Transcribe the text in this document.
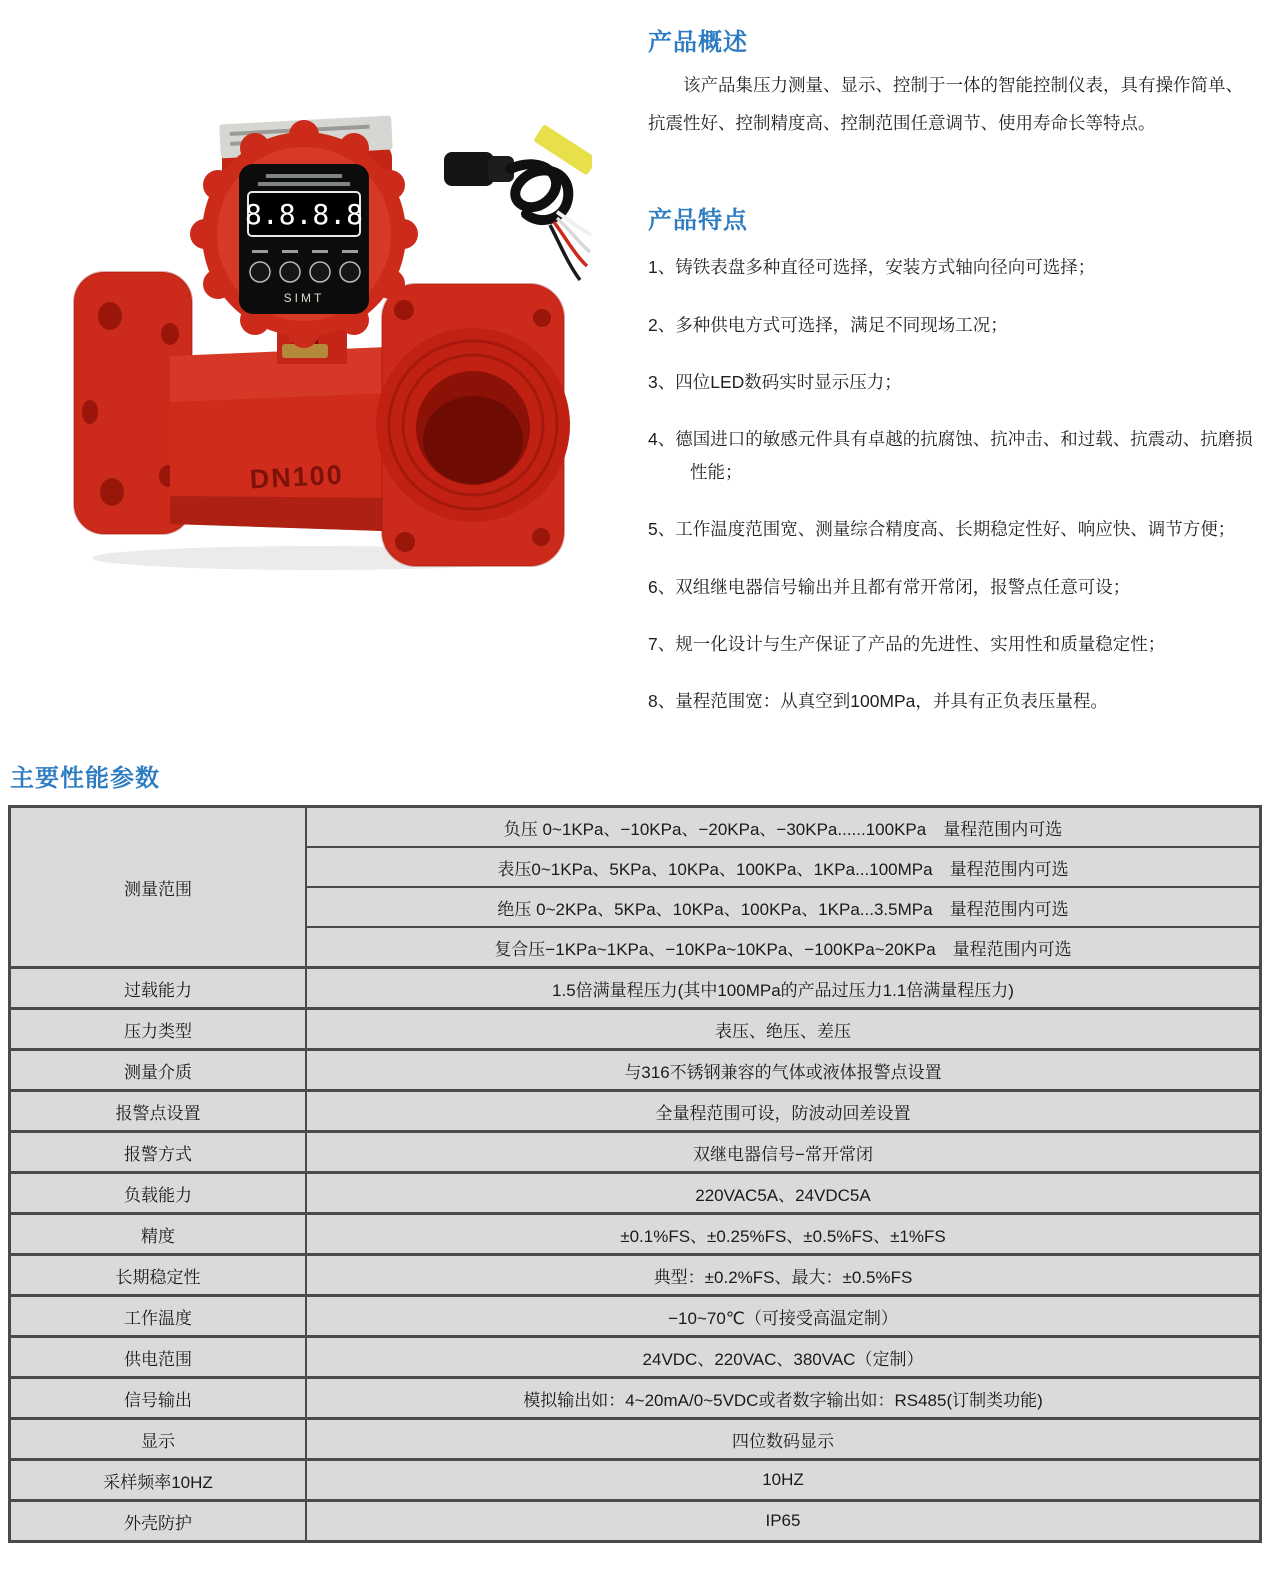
DN100
8.8.8.8
SIMT
产品概述

该产品集压力测量、显示、控制于一体的智能控制仪表，具有操作简单、抗震性好、控制精度高、控制范围任意调节、使用寿命长等特点。

产品特点
1、铸铁表盘多种直径可选择，安装方式轴向径向可选择；
2、多种供电方式可选择，满足不同现场工况；
3、四位LED数码实时显示压力；
4、德国进口的敏感元件具有卓越的抗腐蚀、抗冲击、和过载、抗震动、抗磨损性能；
5、工作温度范围宽、测量综合精度高、长期稳定性好、响应快、调节方便；
6、双组继电器信号输出并且都有常开常闭，报警点任意可设；
7、规一化设计与生产保证了产品的先进性、实用性和质量稳定性；
8、量程范围宽：从真空到100MPa，并具有正负表压量程。
主要性能参数
测量范围	负压 0~1KPa、−10KPa、−20KPa、−30KPa......100KPa　量程范围内可选
	表压0~1KPa、5KPa、10KPa、100KPa、1KPa...100MPa　量程范围内可选
	绝压 0~2KPa、5KPa、10KPa、100KPa、1KPa...3.5MPa　量程范围内可选
	复合压−1KPa~1KPa、−10KPa~10KPa、−100KPa~20KPa　量程范围内可选
过载能力	1.5倍满量程压力(其中100MPa的产品过压力1.1倍满量程压力)
压力类型	表压、绝压、差压
测量介质	与316不锈钢兼容的气体或液体报警点设置
报警点设置	全量程范围可设，防波动回差设置
报警方式	双继电器信号−常开常闭
负载能力	220VAC5A、24VDC5A
精度	±0.1%FS、±0.25%FS、±0.5%FS、±1%FS
长期稳定性	典型：±0.2%FS、最大：±0.5%FS
工作温度	−10~70℃（可接受高温定制）
供电范围	24VDC、220VAC、380VAC（定制）
信号输出	模拟输出如：4~20mA/0~5VDC或者数字输出如：RS485(订制类功能)
显示	四位数码显示
采样频率10HZ	10HZ
外壳防护	IP65
